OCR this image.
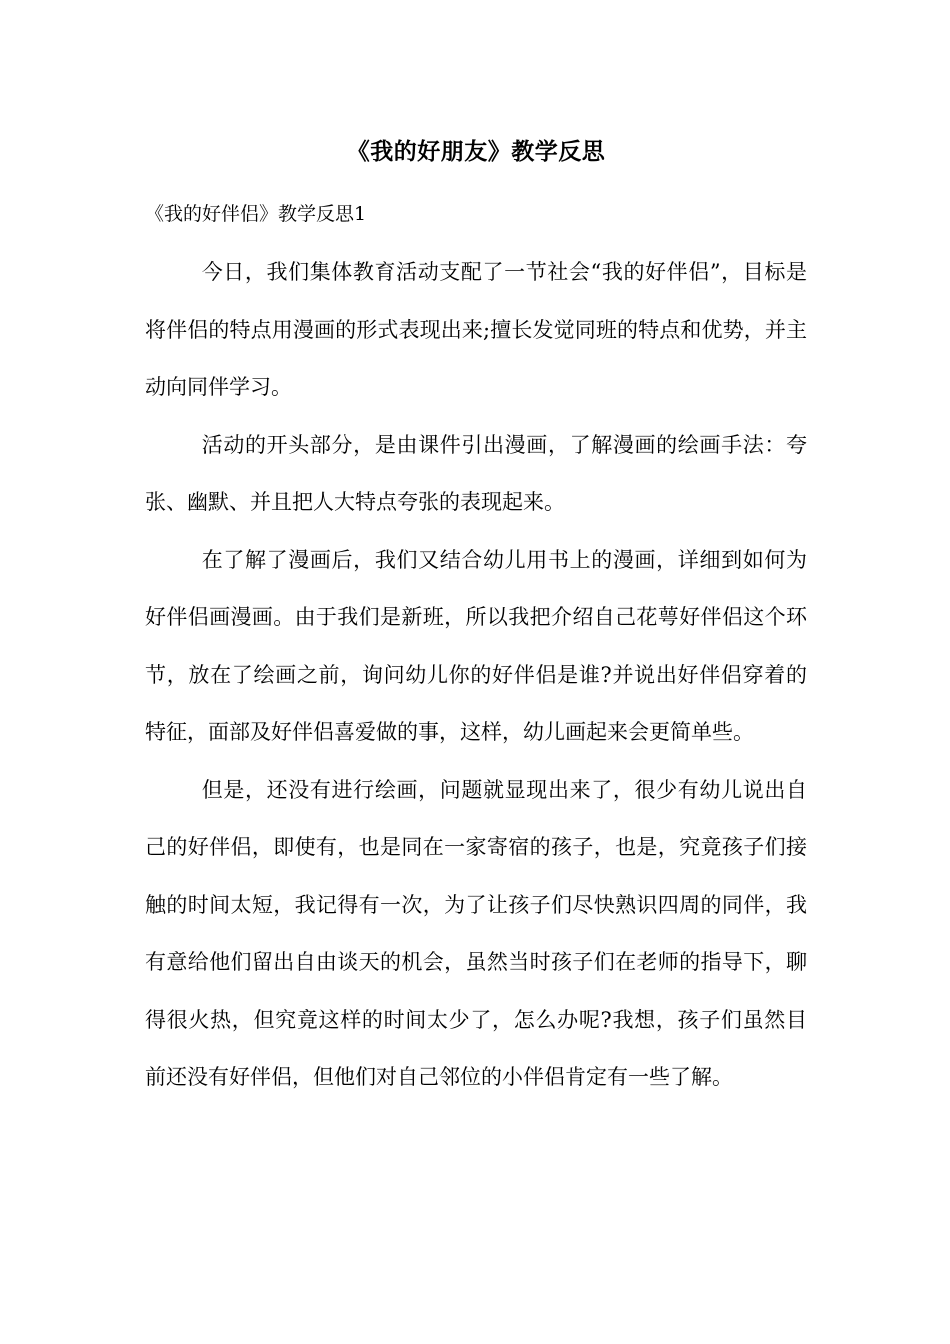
《我的好朋友》教学反思

《我的好伴侣》教学反思1

今日，我们集体教育活动支配了一节社会“我的好伴侣”，目标是将伴侣的特点用漫画的形式表现出来;擅长发觉同班的特点和优势，并主动向同伴学习。

活动的开头部分，是由课件引出漫画，了解漫画的绘画手法：夸张、幽默、并且把人大特点夸张的表现起来。

在了解了漫画后，我们又结合幼儿用书上的漫画，详细到如何为好伴侣画漫画。由于我们是新班，所以我把介绍自己花萼好伴侣这个环节，放在了绘画之前，询问幼儿你的好伴侣是谁?并说出好伴侣穿着的特征，面部及好伴侣喜爱做的事，这样，幼儿画起来会更简单些。

但是，还没有进行绘画，问题就显现出来了，很少有幼儿说出自己的好伴侣，即使有，也是同在一家寄宿的孩子，也是，究竟孩子们接触的时间太短，我记得有一次，为了让孩子们尽快熟识四周的同伴，我有意给他们留出自由谈天的机会，虽然当时孩子们在老师的指导下，聊得很火热，但究竟这样的时间太少了，怎么办呢?我想，孩子们虽然目前还没有好伴侣，但他们对自己邻位的小伴侣肯定有一些了解。
